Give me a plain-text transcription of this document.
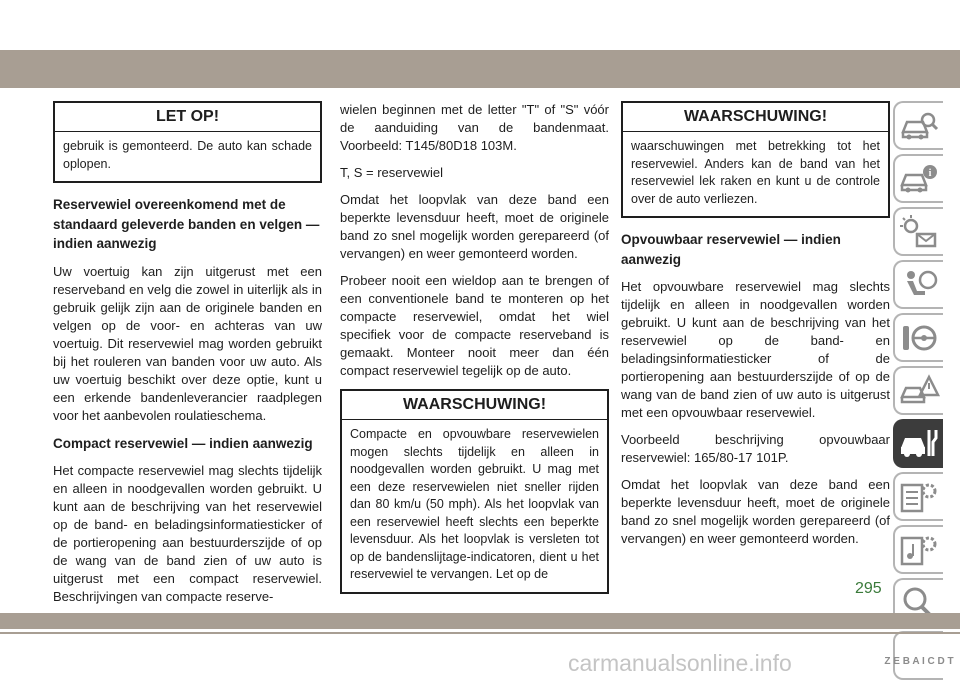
LET OP!

gebruik is gemonteerd. De auto kan schade oplopen.

Reservewiel overeenkomend met de standaard geleverde banden en velgen — indien aanwezig

Uw voertuig kan zijn uitgerust met een reserveband en velg die zowel in uiterlijk als in gebruik gelijk zijn aan de originele banden en velgen op de voor- en achteras van uw voertuig. Dit reservewiel mag worden gebruikt bij het rouleren van banden voor uw auto. Als uw voertuig beschikt over deze optie, kunt u een erkende bandenleverancier raadplegen voor het aanbevolen roulatieschema.

Compact reservewiel — indien aanwezig

Het compacte reservewiel mag slechts tijdelijk en alleen in noodgevallen worden gebruikt. U kunt aan de beschrijving van het reservewiel op de band- en beladingsinformatiesticker of de portieropening aan bestuurderszijde of op de wang van de band zien of uw auto is uitgerust met een compact reservewiel. Beschrijvingen van compacte reserve-

wielen beginnen met de letter "T" of "S" vóór de aanduiding van de bandenmaat. Voorbeeld: T145/80D18 103M.

T, S = reservewiel

Omdat het loopvlak van deze band een beperkte levensduur heeft, moet de originele band zo snel mogelijk worden gerepareerd (of vervangen) en weer gemonteerd worden.

Probeer nooit een wieldop aan te brengen of een conventionele band te monteren op het compacte reservewiel, omdat het wiel specifiek voor de compacte reserveband is gemaakt. Monteer nooit meer dan één compact reservewiel tegelijk op de auto.

WAARSCHUWING!

Compacte en opvouwbare reservewielen mogen slechts tijdelijk en alleen in noodgevallen worden gebruikt. U mag met een deze reservewielen niet sneller rijden dan 80 km/u (50 mph). Als het loopvlak van een reservewiel heeft slechts een beperkte levensduur. Als het loopvlak is versleten tot op de bandenslijtage-indicatoren, dient u het reservewiel te vervangen. Let op de

WAARSCHUWING!

waarschuwingen met betrekking tot het reservewiel. Anders kan de band van het reservewiel lek raken en kunt u de controle over de auto verliezen.

Opvouwbaar reservewiel — indien aanwezig

Het opvouwbare reservewiel mag slechts tijdelijk en alleen in noodgevallen worden gebruikt. U kunt aan de beschrijving van het reservewiel op de band- en beladingsinformatiesticker of de portieropening aan bestuurderszijde of op de wang van de band zien of uw auto is uitgerust met een opvouwbaar reservewiel.

Voorbeeld beschrijving opvouwbaar reservewiel: 165/80-17 101P.

Omdat het loopvlak van deze band een beperkte levensduur heeft, moet de originele band zo snel mogelijk worden gerepareerd (of vervangen) en weer gemonteerd worden.

i
Z E B A I C D T
295
carmanualsonline.info
